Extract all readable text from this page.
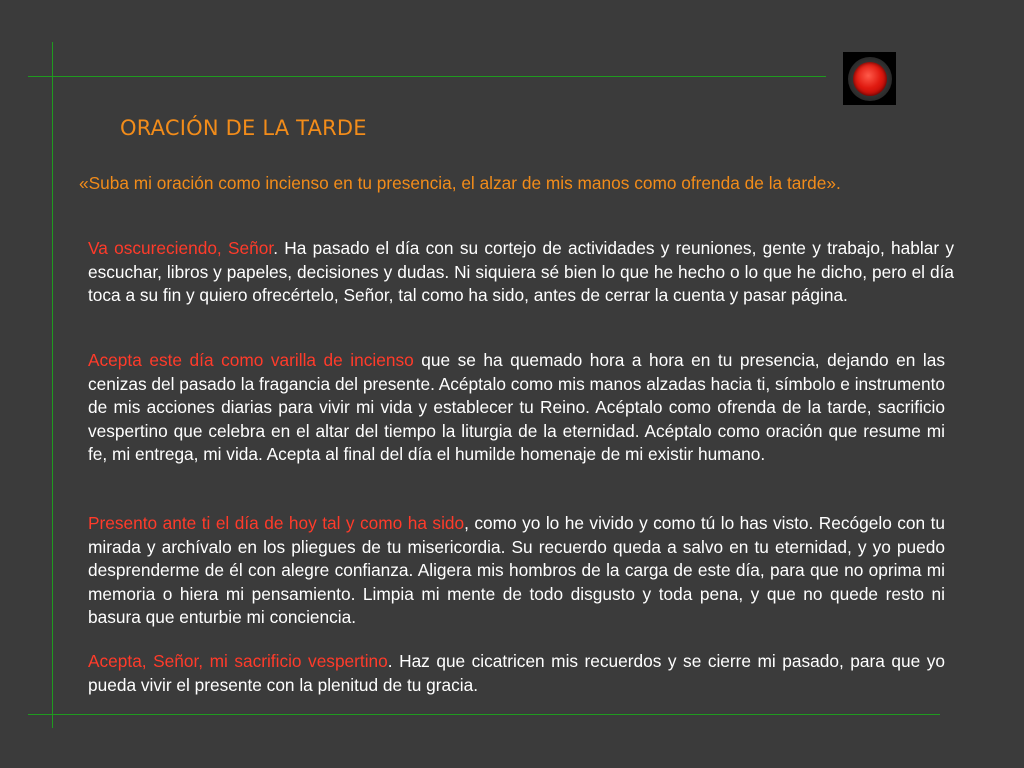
ORACIÓN DE LA TARDE
«Suba mi oración como incienso en tu presencia, el alzar de mis manos como ofrenda de la tarde».
Va oscureciendo, Señor. Ha pasado el día con su cortejo de actividades y reuniones, gente y trabajo, hablar y escuchar, libros y papeles, decisiones y dudas. Ni siquiera sé bien lo que he hecho o lo que he dicho, pero el día toca a su fin y quiero ofrecértelo, Señor, tal como ha sido, antes de cerrar la cuenta y pasar página.
Acepta este día como varilla de incienso que se ha quemado hora a hora en tu presencia, dejando en las cenizas del pasado la fragancia del presente. Acéptalo como mis manos alzadas hacia ti, símbolo e instrumento de mis acciones diarias para vivir mi vida y establecer tu Reino. Acéptalo como ofrenda de la tarde, sacrificio vespertino que celebra en el altar del tiempo la liturgia de la eternidad. Acéptalo como oración que resume mi fe, mi entrega, mi vida. Acepta al final del día el humilde homenaje de mi existir humano.
Presento ante ti el día de hoy tal y como ha sido, como yo lo he vivido y como tú lo has visto. Recógelo con tu mirada y archívalo en los pliegues de tu misericordia. Su recuerdo queda a salvo en tu eternidad, y yo puedo desprenderme de él con alegre confianza. Aligera mis hombros de la carga de este día, para que no oprima mi memoria o hiera mi pensamiento. Limpia mi mente de todo disgusto y toda pena, y que no quede resto ni basura que enturbie mi conciencia.
Acepta, Señor, mi sacrificio vespertino. Haz que cicatricen mis recuerdos y se cierre mi pasado, para que yo pueda vivir el presente con la plenitud de tu gracia.
